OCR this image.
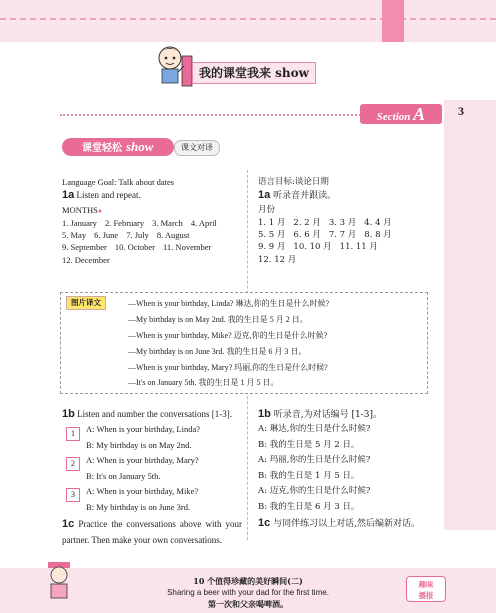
3
我的课堂我来 show
Section A
课堂轻松 show	课文对译
Language Goal: Talk about dates
1a Listen and repeat.
MONTHS●
1. January 2. February 3. March 4. April
5. May 6. June 7. July 8. August
9. September 10. October 11. November
12. December
语言目标:谈论日期
1a 听录音并跟读。
月份
1. 1 月 2. 2 月 3. 3 月 4. 4 月
5. 5 月 6. 6 月 7. 7 月 8. 8 月
9. 9 月 10. 10 月 11. 11 月
12. 12 月
图片译文	—When is your birthday, Linda? 琳达,你的生日是什么时候?
—My birthday is on May 2nd. 我的生日是 5 月 2 日。
—When is your birthday, Mike? 迈克,你的生日是什么时候?
—My birthday is on June 3rd. 我的生日是 6 月 3 日。
—When is your birthday, Mary? 玛丽,你的生日是什么时候?
—It's on January 5th. 我的生日是 1 月 5 日。
1b Listen and number the conversations [1-3].
1
2
3
A: When is your birthday, Linda?
B: My birthday is on May 2nd.
A: When is your birthday, Mary?
B: It's on January 5th.
A: When is your birthday, Mike?
B: My birthday is on June 3rd.
1c Practice the conversations above with your partner. Then make your own conversations.
1b 听录音,为对话编号 [1-3]。
A: 琳达,你的生日是什么时候?
B: 我的生日是 5 月 2 日。
A: 玛丽,你的生日是什么时候?
B: 我的生日是 1 月 5 日。
A: 迈克,你的生日是什么时候?
B: 我的生日是 6 月 3 日。
1c 与同伴练习以上对话,然后编新对话。
10 个值得珍藏的美好瞬间(二)
Sharing a beer with your dad for the first time.
第一次和父亲喝啤酒。
趣味
播报
